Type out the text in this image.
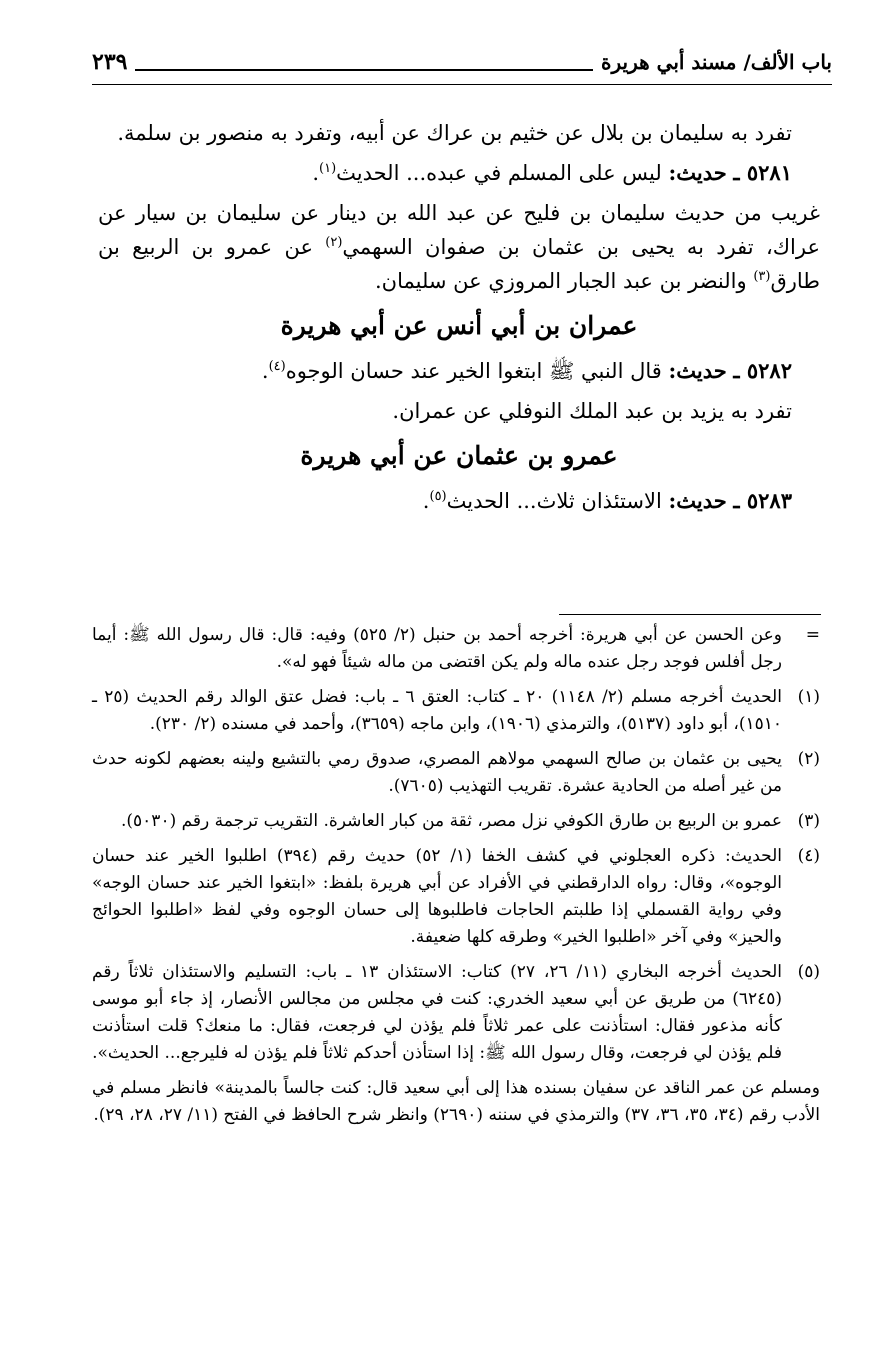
باب الألف/ مسند أبي هريرة
٢٣٩

تفرد به سليمان بن بلال عن خثيم بن عراك عن أبيه، وتفرد به منصور بن سلمة.

٥٢٨١ ـ حديث: ليس على المسلم في عبده... الحديث$^{(١)}$.

غريب من حديث سليمان بن فليح عن عبد الله بن دينار عن سليمان بن سيار عن عراك، تفرد به يحيى بن عثمان بن صفوان السهمي$^{(٢)}$ عن عمرو بن الربيع بن طارق$^{(٣)}$ والنضر بن عبد الجبار المروزي عن سليمان.

عمران بن أبي أنس عن أبي هريرة

٥٢٨٢ ـ حديث: قال النبي ﷺ ابتغوا الخير عند حسان الوجوه$^{(٤)}$.

تفرد به يزيد بن عبد الملك النوفلي عن عمران.

عمرو بن عثمان عن أبي هريرة

٥٢٨٣ ـ حديث: الاستئذان ثلاث... الحديث$^{(٥)}$.

=
وعن الحسن عن أبي هريرة: أخرجه أحمد بن حنبل (٢/ ٥٢٥) وفيه: قال: قال رسول الله ﷺ: أيما رجل أفلس فوجد رجل عنده ماله ولم يكن اقتضى من ماله شيئاً فهو له».
(١)
الحديث أخرجه مسلم (٢/ ١١٤٨) ٢٠ ـ كتاب: العتق ٦ ـ باب: فضل عتق الوالد رقم الحديث (٢٥ ـ ١٥١٠)، أبو داود (٥١٣٧)، والترمذي (١٩٠٦)، وابن ماجه (٣٦٥٩)، وأحمد في مسنده (٢/ ٢٣٠).
(٢)
يحيى بن عثمان بن صالح السهمي مولاهم المصري، صدوق رمي بالتشيع ولينه بعضهم لكونه حدث من غير أصله من الحادية عشرة. تقريب التهذيب (٧٦٠٥).
(٣)
عمرو بن الربيع بن طارق الكوفي نزل مصر، ثقة من كبار العاشرة. التقريب ترجمة رقم (٥٠٣٠).
(٤)
الحديث: ذكره العجلوني في كشف الخفا (١/ ٥٢) حديث رقم (٣٩٤) اطلبوا الخير عند حسان الوجوه»، وقال: رواه الدارقطني في الأفراد عن أبي هريرة بلفظ: «ابتغوا الخير عند حسان الوجه» وفي رواية القسملي إذا طلبتم الحاجات فاطلبوها إلى حسان الوجوه وفي لفظ «اطلبوا الحوائج والحيز» وفي آخر «اطلبوا الخير» وطرقه كلها ضعيفة.
(٥)
الحديث أخرجه البخاري (١١/ ٢٦، ٢٧) كتاب: الاستئذان ١٣ ـ باب: التسليم والاستئذان ثلاثاً رقم (٦٢٤٥) من طريق عن أبي سعيد الخدري: كنت في مجلس من مجالس الأنصار، إذ جاء أبو موسى كأنه مذعور فقال: استأذنت على عمر ثلاثاً فلم يؤذن لي فرجعت، فقال: ما منعك؟ قلت استأذنت فلم يؤذن لي فرجعت، وقال رسول الله ﷺ: إذا استأذن أحدكم ثلاثاً فلم يؤذن له فليرجع... الحديث».

ومسلم عن عمر الناقد عن سفيان بسنده هذا إلى أبي سعيد قال: كنت جالساً بالمدينة» فانظر مسلم في الأدب رقم (٣٤، ٣٥، ٣٦، ٣٧) والترمذي في سننه (٢٦٩٠) وانظر شرح الحافظ في الفتح (١١/ ٢٧، ٢٨، ٢٩).
